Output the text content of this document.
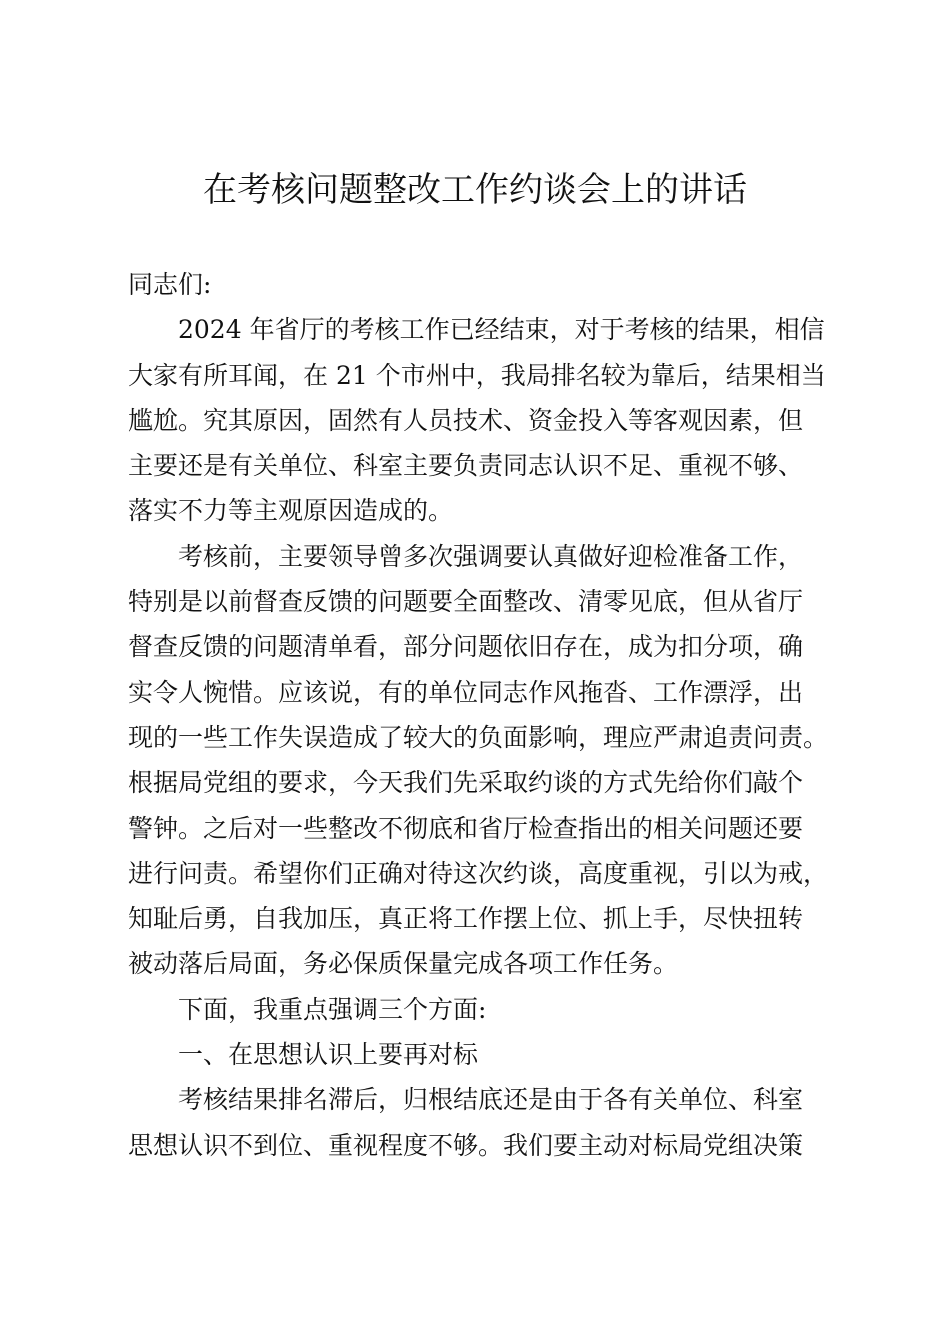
在考核问题整改工作约谈会上的讲话
同志们:
2024 年省厅的考核工作已经结束，对于考核的结果，相信
大家有所耳闻，在 21 个市州中，我局排名较为靠后，结果相当
尴尬。究其原因，固然有人员技术、资金投入等客观因素，但
主要还是有关单位、科室主要负责同志认识不足、重视不够、
落实不力等主观原因造成的。
考核前，主要领导曾多次强调要认真做好迎检准备工作，
特别是以前督查反馈的问题要全面整改、清零见底，但从省厅
督查反馈的问题清单看，部分问题依旧存在，成为扣分项，确
实令人惋惜。应该说，有的单位同志作风拖沓、工作漂浮，出
现的一些工作失误造成了较大的负面影响，理应严肃追责问责。
根据局党组的要求，今天我们先采取约谈的方式先给你们敲个
警钟。之后对一些整改不彻底和省厅检查指出的相关问题还要
进行问责。希望你们正确对待这次约谈，高度重视，引以为戒，
知耻后勇，自我加压，真正将工作摆上位、抓上手，尽快扭转
被动落后局面，务必保质保量完成各项工作任务。
下面，我重点强调三个方面:
一、在思想认识上要再对标
考核结果排名滞后，归根结底还是由于各有关单位、科室
思想认识不到位、重视程度不够。我们要主动对标局党组决策
